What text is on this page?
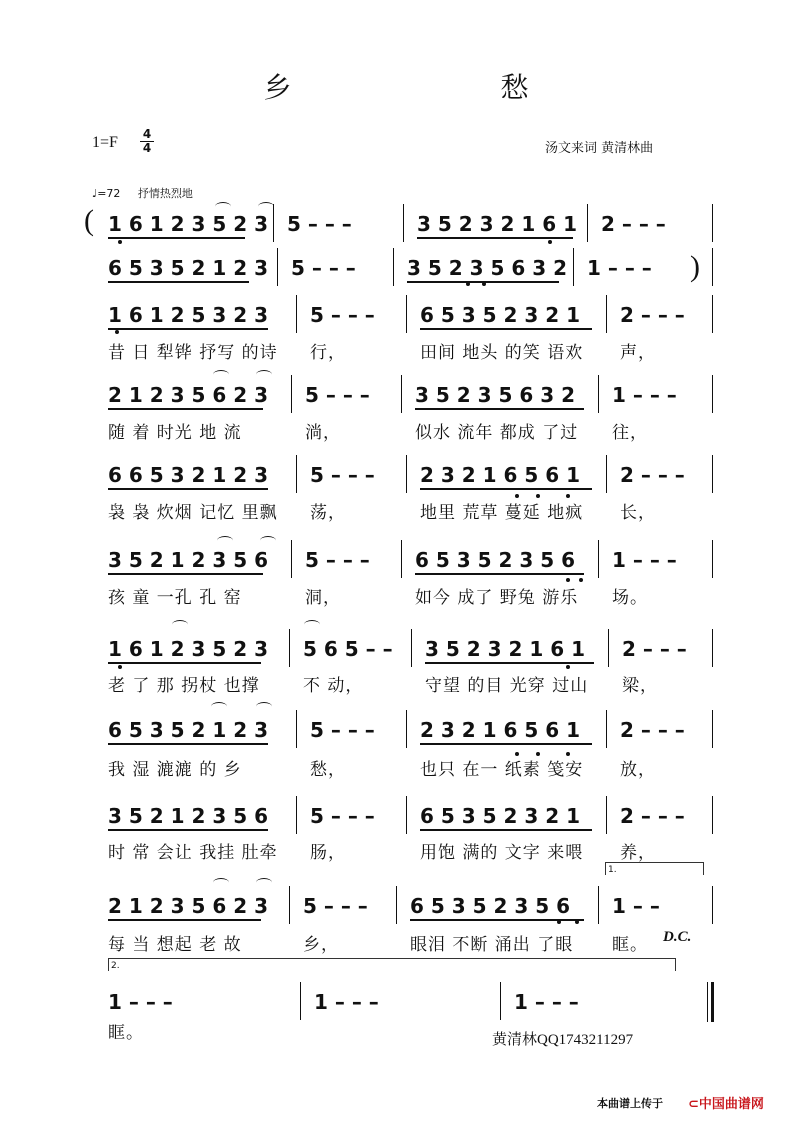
乡 愁
1=F 4
4	汤文来词 黄清林曲
♩=72 抒情热烈地
1 6 1 2 3 5 2 3 5 – – –	3 5 2 3 2 1 6 1 2 – – –
6 5 3 5 2 1 2 3 5 – – –	3 5 2 3 5 6 3 2 1 – – –
1 6 1 2 5 3 2 3 5 – – – 6 5 3 5 2 3 2 1 2 – – –
昔 日 犁铧 抒写 的诗 行，	田间 地头 的笑 语欢 声，
2 1 2 3 5 6 2 3 5 – – – 3 5 2 3 5 6 3 2 1 – – –
随 着 时光 地 流	淌，	似水 流年 都成 了过 往，
6 6 5 3 2 1 2 3 5 – – – 2 3 2 1 6 5 6 1 2 – – –
袅 袅 炊烟 记忆 里飘 荡，	地里 荒草 蔓延 地疯 长，
3 5 2 1 2 3 5 6 5 – – – 6 5 3 5 2 3 5 6 1 – – –
孩 童 一孔 孔 窑	洞，	如今 成了 野兔 游乐 场。
1 6 1 2 3 5 2 3 5 6 5 – – 3 5 2 3 2 1 6 1 2 – – –
老 了 那 拐杖 也撑	不 动，	守望 的目 光穿 过山 梁，
6 5 3 5 2 1 2 3 5 – – – 2 3 2 1 6 5 6 1 2 – – –
我 湿 漉漉 的 乡	愁，	也只 在一 纸素 笺安 放，
3 5 2 1 2 3 5 6 5 – – – 6 5 3 5 2 3 2 1 2 – – –
时 常 会让 我挂 肚牵 肠，	用饱 满的 文字 来喂 养，
2 1 2 3 5 6 2 3 5 – – – 6 5 3 5 2 3 5 6 1 – –
每 当 想起 老 故	乡，	眼泪 不断 涌出 了眼 眶。
1 – – –	1 – – –	1 – – –
眶。
(
)
1.
2.
D.C.
黄清林QQ1743211297
本曲谱上传于 ⊂中国曲谱网
